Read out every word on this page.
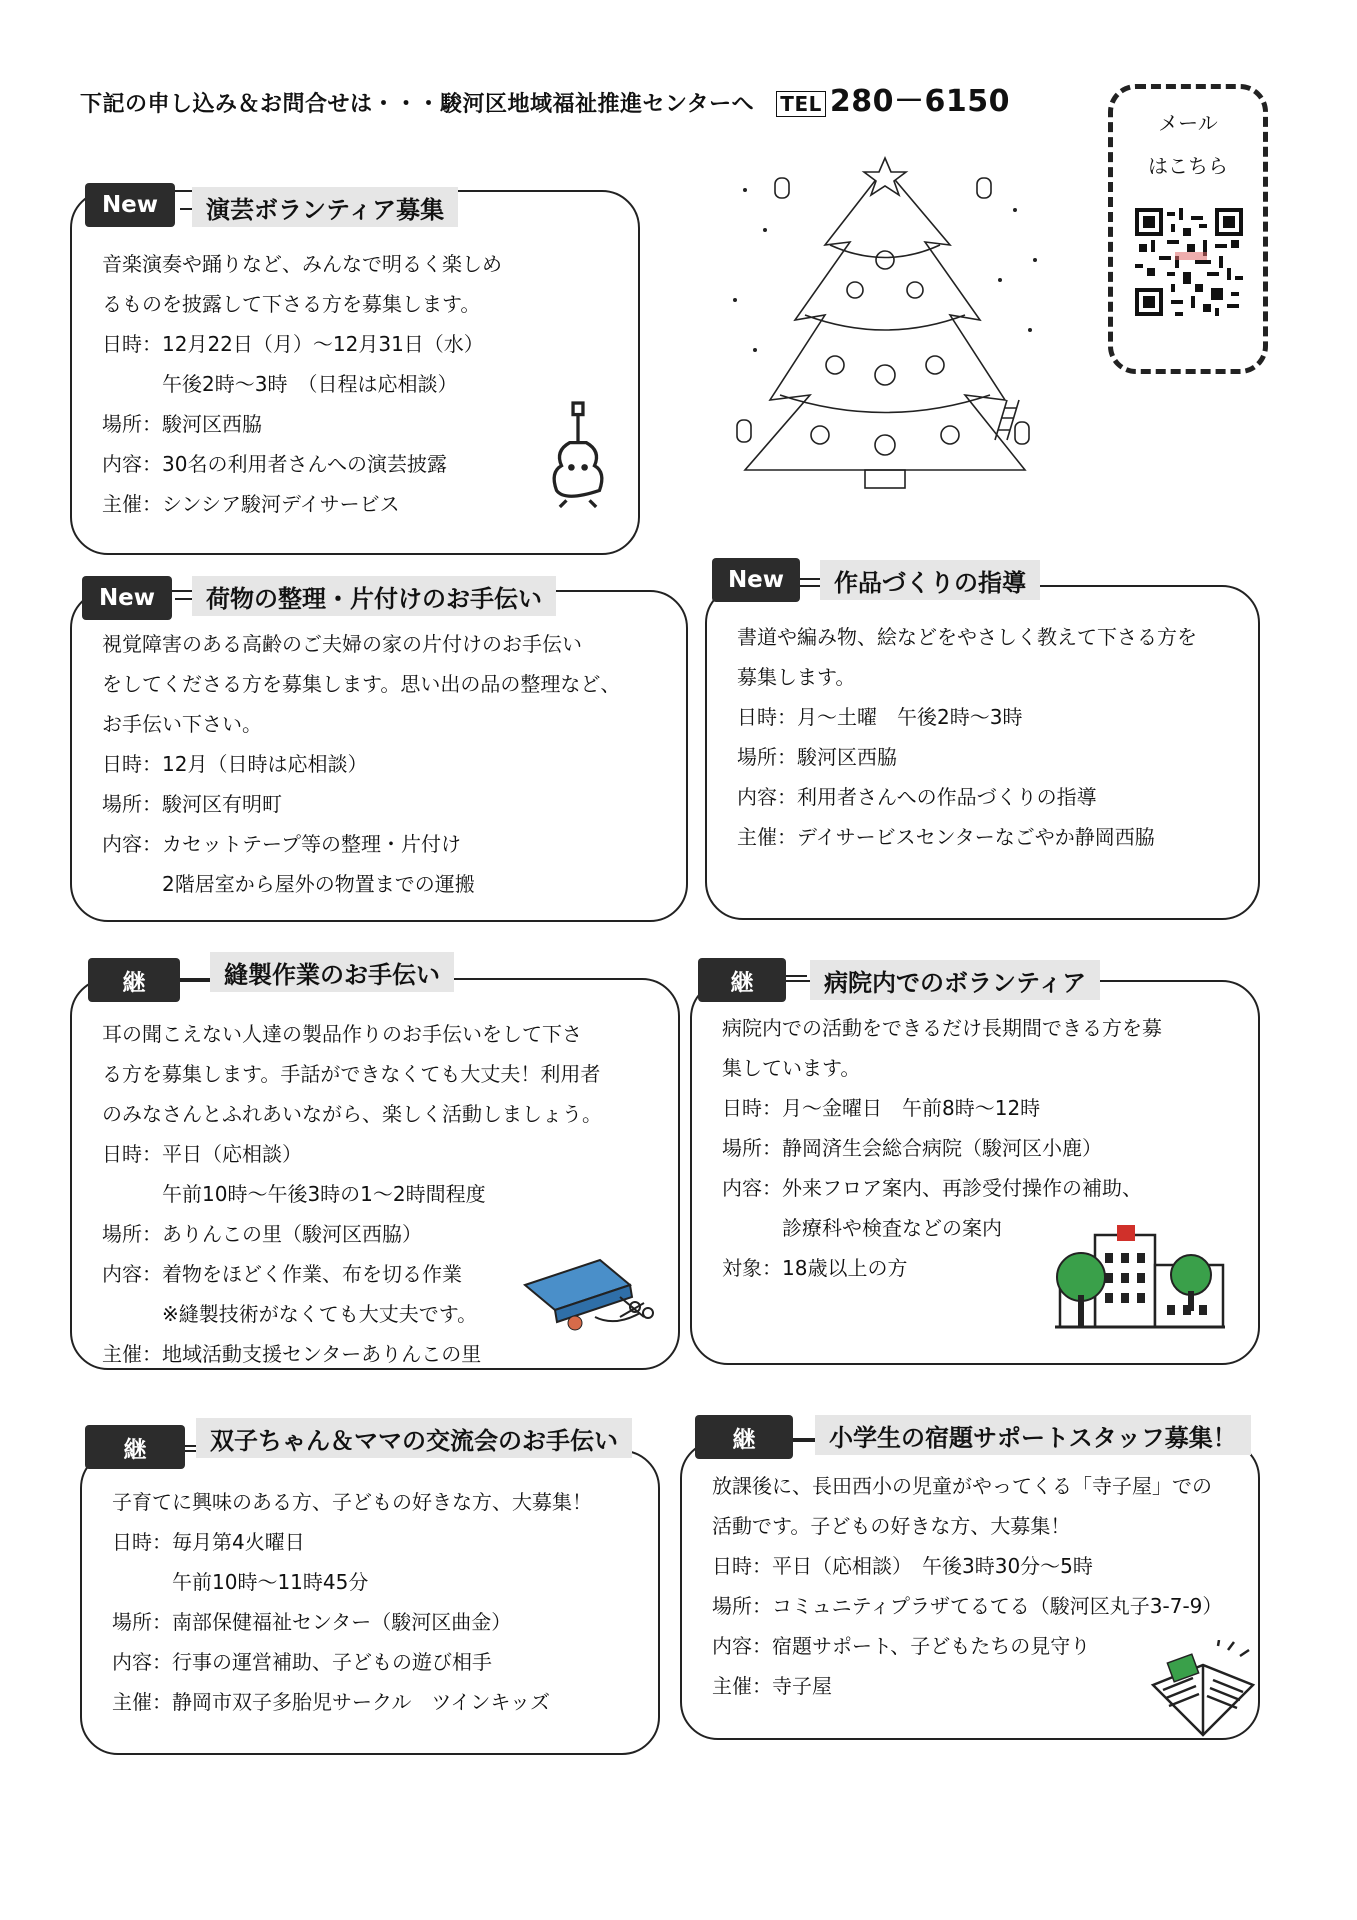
下記の申し込み＆お問合せは・・・駿河区地域福祉推進センターへ TEL 280－6150
メール
はこちら
音楽演奏や踊りなど、みんなで明るく楽しめ
るものを披露して下さる方を募集します。
日時：12月22日（月）～12月31日（水）
　　　午後2時～3時　（日程は応相談）
場所：駿河区西脇
内容：30名の利用者さんへの演芸披露
主催：シンシア駿河デイサービス
New	演芸ボランティア募集
視覚障害のある高齢のご夫婦の家の片付けのお手伝い
をしてくださる方を募集します。思い出の品の整理など、
お手伝い下さい。
日時：12月（日時は応相談）
場所：駿河区有明町
内容：カセットテープ等の整理・片付け
　　　2階居室から屋外の物置までの運搬
New	荷物の整理・片付けのお手伝い
書道や編み物、絵などをやさしく教えて下さる方を
募集します。
日時：月～土曜　午後2時～3時
場所：駿河区西脇
内容：利用者さんへの作品づくりの指導
主催：デイサービスセンターなごやか静岡西脇
New	作品づくりの指導
耳の聞こえない人達の製品作りのお手伝いをして下さ
る方を募集します。手話ができなくても大丈夫！利用者
のみなさんとふれあいながら、楽しく活動しましょう。
日時：平日（応相談）
　　　午前10時～午後3時の1～2時間程度
場所：ありんこの里（駿河区西脇）
内容：着物をほどく作業、布を切る作業
　　　※縫製技術がなくても大丈夫です。
主催：地域活動支援センターありんこの里
継	縫製作業のお手伝い
病院内での活動をできるだけ長期間できる方を募
集しています。
日時：月～金曜日　午前8時～12時
場所：静岡済生会総合病院（駿河区小鹿）
内容：外来フロア案内、再診受付操作の補助、
　　　診療科や検査などの案内
対象：18歳以上の方
継	病院内でのボランティア
子育てに興味のある方、子どもの好きな方、大募集！
日時：毎月第4火曜日
　　　午前10時～11時45分
場所：南部保健福祉センター（駿河区曲金）
内容：行事の運営補助、子どもの遊び相手
主催：静岡市双子多胎児サークル　ツインキッズ
継	双子ちゃん＆ママの交流会のお手伝い
放課後に、長田西小の児童がやってくる「寺子屋」での
活動です。子どもの好きな方、大募集！
日時：平日（応相談）　午後3時30分～5時
場所：コミュニティプラザてるてる（駿河区丸子3-7-9）
内容：宿題サポート、子どもたちの見守り
主催：寺子屋
継	小学生の宿題サポートスタッフ募集！
